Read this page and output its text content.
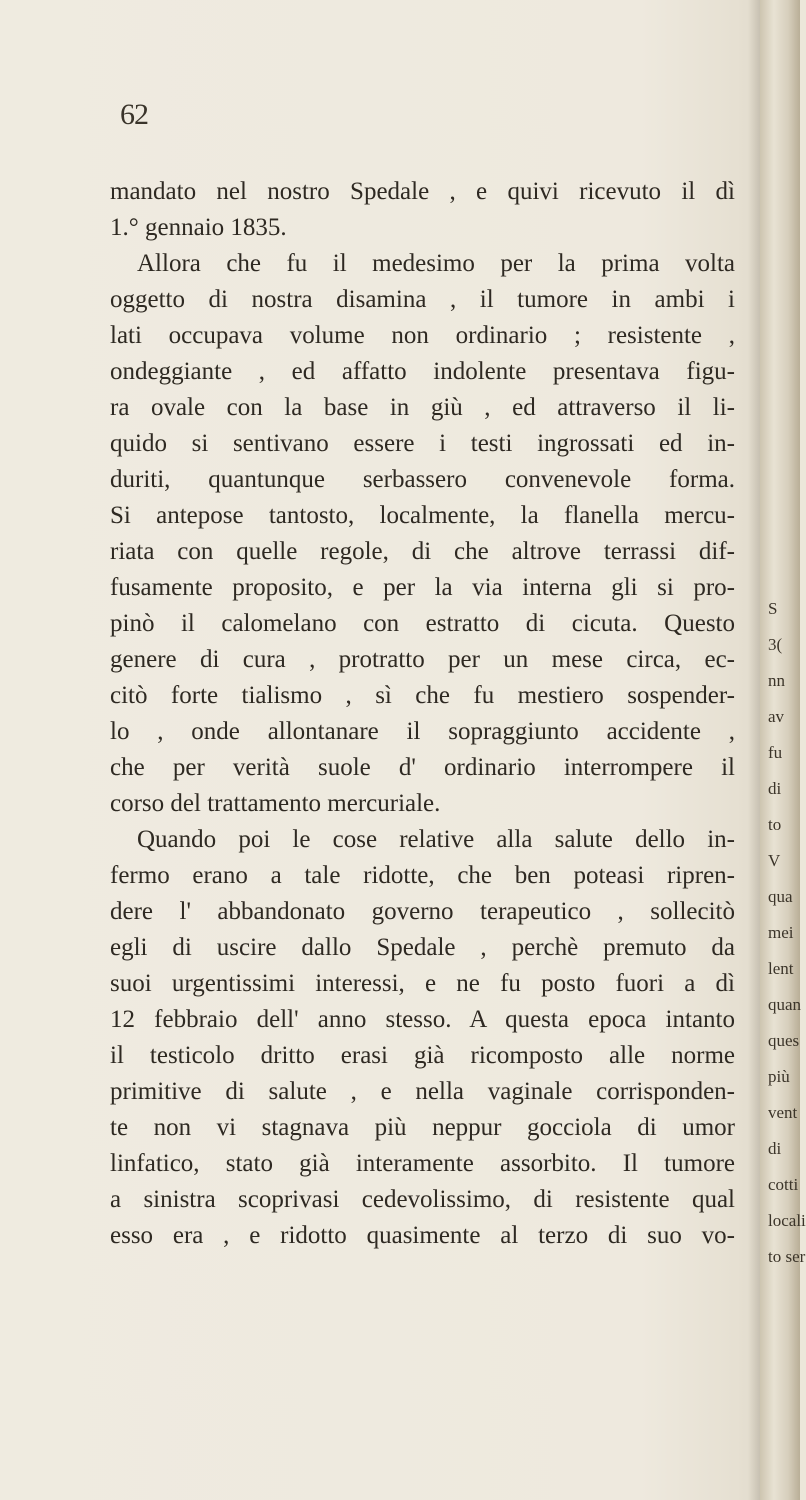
62
mandato nel nostro Spedale , e quivi ricevuto il dì
1.° gennaio 1835.
Allora che fu il medesimo per la prima volta
oggetto di nostra disamina , il tumore in ambi i
lati occupava volume non ordinario ; resistente ,
ondeggiante , ed affatto indolente presentava figu-
ra ovale con la base in giù , ed attraverso il li-
quido si sentivano essere i testi ingrossati ed in-
duriti, quantunque serbassero convenevole forma.
Si antepose tantosto, localmente, la flanella mercu-
riata con quelle regole, di che altrove terrassi dif-
fusamente proposito, e per la via interna gli si pro-
pinò il calomelano con estratto di cicuta. Questo
genere di cura , protratto per un mese circa, ec-
citò forte tialismo , sì che fu mestiero sospender-
lo , onde allontanare il sopraggiunto accidente ,
che per verità suole d' ordinario interrompere il
corso del trattamento mercuriale.
Quando poi le cose relative alla salute dello in-
fermo erano a tale ridotte, che ben poteasi ripren-
dere l' abbandonato governo terapeutico , sollecitò
egli di uscire dallo Spedale , perchè premuto da
suoi urgentissimi interessi, e ne fu posto fuori a dì
12 febbraio dell' anno stesso. A questa epoca intanto
il testicolo dritto erasi già ricomposto alle norme
primitive di salute , e nella vaginale corrisponden-
te non vi stagnava più neppur gocciola di umor
linfatico, stato già interamente assorbito. Il tumore
a sinistra scoprivasi cedevolissimo, di resistente qual
esso era , e ridotto quasimente al terzo di suo vo-
S
3(
nn
av
fu
di
to
V
qua
mei
lent
quan
ques
più
vent
di
cotti
locali
to ser
